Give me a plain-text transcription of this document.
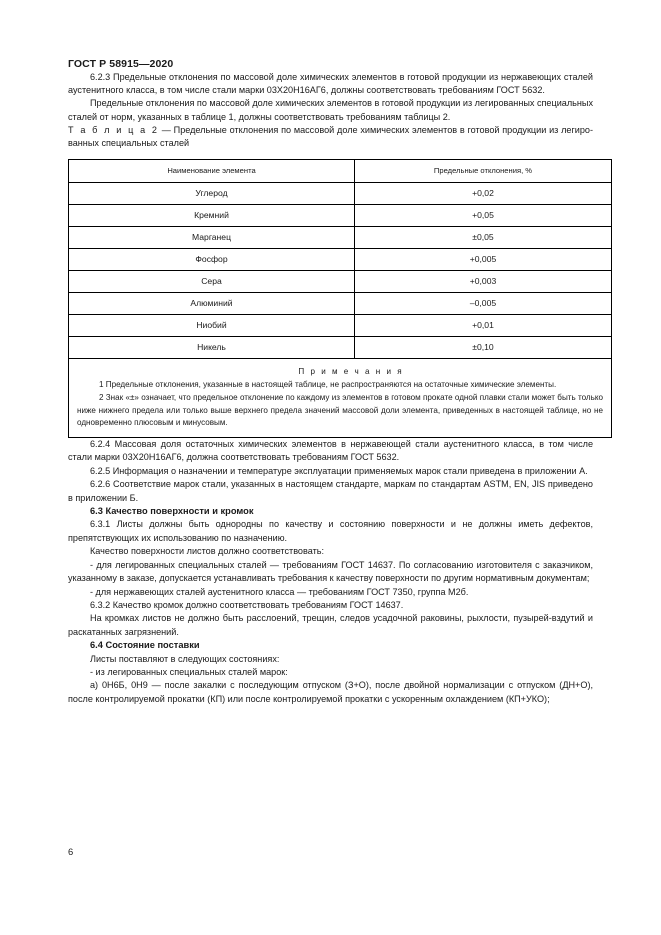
ГОСТ Р 58915—2020

6.2.3 Предельные отклонения по массовой доле химических элементов в готовой продукции из нержавеющих сталей аустенитного класса, в том числе стали марки 03Х20Н16АГ6, должны соответствовать требованиям ГОСТ 5632.

Предельные отклонения по массовой доле химических элементов в готовой продукции из легированных специальных сталей от норм, указанных в таблице 1, должны соответствовать требованиям таблицы 2.

Т а б л и ц а 2 — Предельные отклонения по массовой доле химических элементов в готовой продукции из легированных специальных сталей

Наименование элемента	Предельные отклонения, %
Углерод	+0,02
Кремний	+0,05
Марганец	±0,05
Фосфор	+0,005
Сера	+0,003
Алюминий	–0,005
Ниобий	+0,01
Никель	±0,10

П р и м е ч а н и я

1 Предельные отклонения, указанные в настоящей таблице, не распространяются на остаточные химические элементы.

2 Знак «±» означает, что предельное отклонение по каждому из элементов в готовом прокате одной плавки стали может быть только ниже нижнего предела или только выше верхнего предела значений массовой доли элемента, приведенных в настоящей таблице, но не одновременно плюсовым и минусовым.	

6.2.4 Массовая доля остаточных химических элементов в нержавеющей стали аустенитного класса, в том числе стали марки 03Х20Н16АГ6, должна соответствовать требованиям ГОСТ 5632.

6.2.5 Информация о назначении и температуре эксплуатации применяемых марок стали приведена в приложении А.

6.2.6 Соответствие марок стали, указанных в настоящем стандарте, маркам по стандартам ASTM, EN, JIS приведено в приложении Б.

6.3 Качество поверхности и кромок

6.3.1 Листы должны быть однородны по качеству и состоянию поверхности и не должны иметь дефектов, препятствующих их использованию по назначению.

Качество поверхности листов должно соответствовать:

- для легированных специальных сталей — требованиям ГОСТ 14637. По согласованию изготовителя с заказчиком, указанному в заказе, допускается устанавливать требования к качеству поверхности по другим нормативным документам;

- для нержавеющих сталей аустенитного класса — требованиям ГОСТ 7350, группа М2б.

6.3.2 Качество кромок должно соответствовать требованиям ГОСТ 14637.

На кромках листов не должно быть расслоений, трещин, следов усадочной раковины, рыхлости, пузырей-вздутий и раскатанных загрязнений.

6.4 Состояние поставки

Листы поставляют в следующих состояниях:

- из легированных специальных сталей марок:

а) 0Н6Б, 0Н9 — после закалки с последующим отпуском (З+О), после двойной нормализации с отпуском (ДН+О), после контролируемой прокатки (КП) или после контролируемой прокатки с ускоренным охлаждением (КП+УКО);

6
